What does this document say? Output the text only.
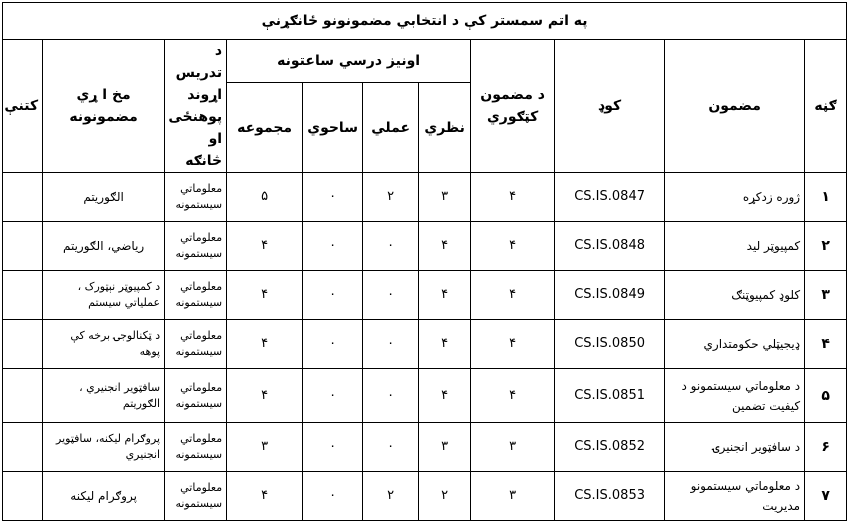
په اتم سمستر کې د انتخابي مضمونونو ځانګړنې										
ګڼه	مضمون	کوډ	د مضمون کټګوري	اونیز درسي ساعتونه				د تدریس اړوند پوهنځی او څانګه	مخ ا ړي مضمونونه	کتنې
				نظري	عملي	ساحوي	مجموعه			
۱	ژوره زدکړه	CS.IS.0847	۴	۳	۲	۰	۵	معلوماتي سیستمونه	الګوریتم	
۲	کمپیوټر لید	CS.IS.0848	۴	۴	۰	۰	۴	معلوماتي سیستمونه	ریاضي، الګوریتم	
۳	کلوډ کمپیوټنګ	CS.IS.0849	۴	۴	۰	۰	۴	معلوماتي سیستمونه	د کمپیوټر نېټورک ، عملیاتي سیستم	
۴	ډیجیټلي حکومتداري	CS.IS.0850	۴	۴	۰	۰	۴	معلوماتي سیستمونه	د ټکنالوجۍ برخه کې پوهه	
۵	د معلوماتي سیستمونو د کیفیت تضمین	CS.IS.0851	۴	۴	۰	۰	۴	معلوماتي سیستمونه	سافټویر انجنیري ، الګوریتم	
۶	د سافټویر انجنیرۍ	CS.IS.0852	۳	۳	۰	۰	۳	معلوماتي سیستمونه	پروګرام لیکنه، سافټویر انجنیري	
۷	د معلوماتي سیستمونو مدیریت	CS.IS.0853	۳	۲	۲	۰	۴	معلوماتي سیستمونه	پروګرام لیکنه	
